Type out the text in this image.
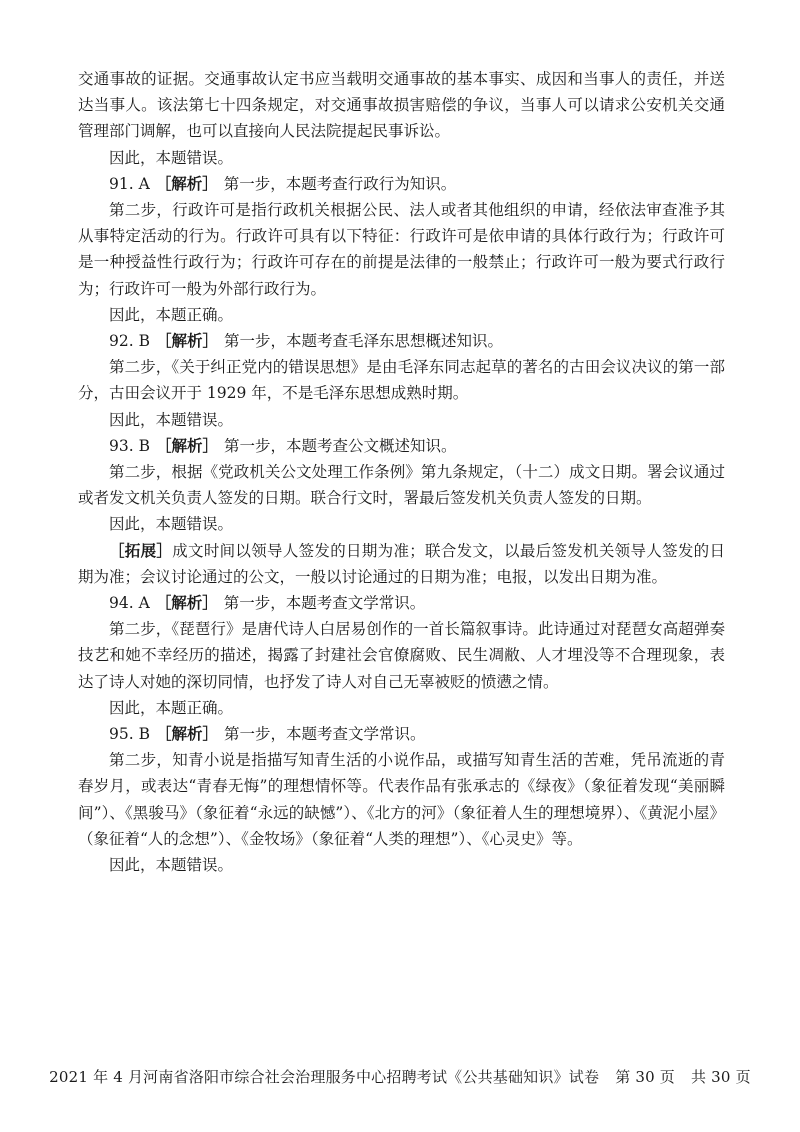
交通事故的证据。交通事故认定书应当载明交通事故的基本事实、成因和当事人的责任，并送达当事人。该法第七十四条规定，对交通事故损害赔偿的争议，当事人可以请求公安机关交通管理部门调解，也可以直接向人民法院提起民事诉讼。

因此，本题错误。

91. A ［解析］ 第一步，本题考查行政行为知识。

第二步，行政许可是指行政机关根据公民、法人或者其他组织的申请，经依法审查准予其从事特定活动的行为。行政许可具有以下特征：行政许可是依申请的具体行政行为；行政许可是一种授益性行政行为；行政许可存在的前提是法律的一般禁止；行政许可一般为要式行政行为；行政许可一般为外部行政行为。

因此，本题正确。

92. B ［解析］ 第一步，本题考查毛泽东思想概述知识。

第二步，《关于纠正党内的错误思想》是由毛泽东同志起草的著名的古田会议决议的第一部分，古田会议开于 1929 年，不是毛泽东思想成熟时期。

因此，本题错误。

93. B ［解析］ 第一步，本题考查公文概述知识。

第二步，根据《党政机关公文处理工作条例》第九条规定，（十二）成文日期。署会议通过或者发文机关负责人签发的日期。联合行文时，署最后签发机关负责人签发的日期。

因此，本题错误。

［拓展］成文时间以领导人签发的日期为准；联合发文，以最后签发机关领导人签发的日期为准；会议讨论通过的公文，一般以讨论通过的日期为准；电报，以发出日期为准。

94. A ［解析］ 第一步，本题考查文学常识。

第二步，《琵琶行》是唐代诗人白居易创作的一首长篇叙事诗。此诗通过对琵琶女高超弹奏技艺和她不幸经历的描述，揭露了封建社会官僚腐败、民生凋敝、人才埋没等不合理现象，表达了诗人对她的深切同情，也抒发了诗人对自己无辜被贬的愤懑之情。

因此，本题正确。

95. B ［解析］ 第一步，本题考查文学常识。

第二步，知青小说是指描写知青生活的小说作品，或描写知青生活的苦难，凭吊流逝的青春岁月，或表达“青春无悔”的理想情怀等。代表作品有张承志的《绿夜》（象征着发现“美丽瞬间”）、《黑骏马》（象征着“永远的缺憾”）、《北方的河》（象征着人生的理想境界）、《黄泥小屋》（象征着“人的念想”）、《金牧场》（象征着“人类的理想”）、《心灵史》等。

因此，本题错误。

2021 年 4 月河南省洛阳市综合社会治理服务中心招聘考试《公共基础知识》试卷 第 30 页 共 30 页
